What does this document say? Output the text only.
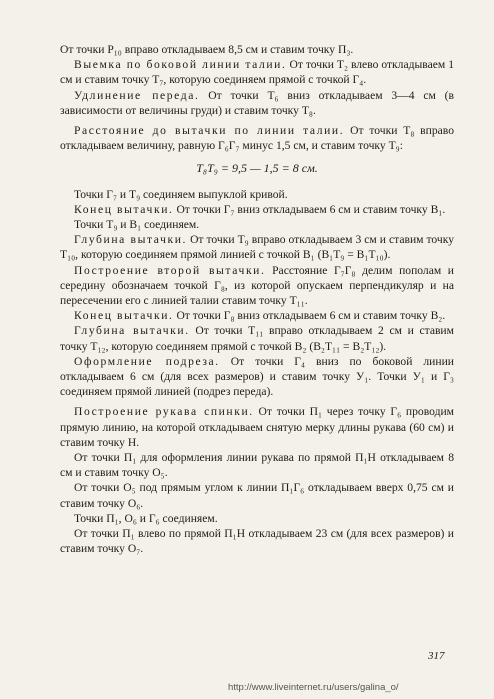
От точки P₁₀ вправо откладываем 8,5 см и ставим точку П₃.

Выемка по боковой линии талии. От точки Т₂ влево откладываем 1 см и ставим точку Т₇, которую соединяем прямой с точкой Г₄.

Удлинение переда. От точки Т₆ вниз откладываем 3—4 см (в зависимости от величины груди) и ставим точку Т₈.

Расстояние до вытачки по линии талии. От точки Т₈ вправо откладываем величину, равную Г₆Г₇ минус 1,5 см, и ставим точку Т₉:

Т₈Т₉ = 9,5 — 1,5 = 8 см.

Точки Г₇ и Т₉ соединяем выпуклой кривой.

Конец вытачки. От точки Г₇ вниз откладываем 6 см и ставим точку В₁.

Точки Т₉ и В₁ соединяем.

Глубина вытачки. От точки Т₉ вправо откладываем 3 см и ставим точку Т₁₀, которую соединяем прямой линией с точкой В₁ (В₁Т₉ = В₁Т₁₀).

Построение второй вытачки. Расстояние Г₇Г₈ делим пополам и середину обозначаем точкой Г₈, из которой опускаем перпендикуляр и на пересечении его с линией талии ставим точку Т₁₁.

Конец вытачки. От точки Г₈ вниз откладываем 6 см и ставим точку В₂.

Глубина вытачки. От точки Т₁₁ вправо откладываем 2 см и ставим точку Т₁₂, которую соединяем прямой с точкой В₂ (В₂Т₁₁ = В₂Т₁₂).

Оформление подреза. От точки Г₄ вниз по боковой линии откладываем 6 см (для всех размеров) и ставим точку У₁. Точки У₁ и Г₃ соединяем прямой линией (подрез переда).

Построение рукава спинки. От точки П₁ через точку Г₆ проводим прямую линию, на которой откладываем снятую мерку длины рукава (60 см) и ставим точку Н.

От точки П₁ для оформления линии рукава по прямой П₁Н откладываем 8 см и ставим точку О₅.

От точки О₅ под прямым углом к линии П₁Г₆ откладываем вверх 0,75 см и ставим точку О₆.

Точки П₁, О₆ и Г₆ соединяем.

От точки П₁ влево по прямой П₁Н откладываем 23 см (для всех размеров) и ставим точку О₇.

317
http://www.liveinternet.ru/users/galina_o/
